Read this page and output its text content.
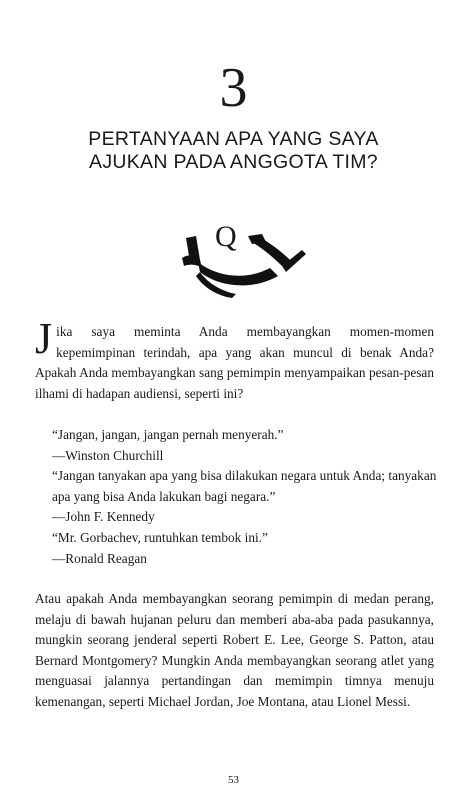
3
PERTANYAAN APA YANG SAYA
AJUKAN PADA ANGGOTA TIM?
Q
Jika saya meminta Anda membayangkan momen-momen kepemimpinan terindah, apa yang akan muncul di benak Anda? Apakah Anda membayangkan sang pemimpin menyampaikan pesan-pesan ilhami di hadapan audiensi, seperti ini?
“Jangan, jangan, jangan pernah menyerah.”
—Winston Churchill
“Jangan tanyakan apa yang bisa dilakukan negara untuk Anda; tanyakan apa yang bisa Anda lakukan bagi negara.”
—John F. Kennedy
“Mr. Gorbachev, runtuhkan tembok ini.”
—Ronald Reagan
Atau apakah Anda membayangkan seorang pemimpin di medan perang, melaju di bawah hujanan peluru dan memberi aba-aba pada pasukannya, mungkin seorang jenderal seperti Robert E. Lee, George S. Patton, atau Bernard Montgomery? Mungkin Anda membayangkan seorang atlet yang menguasai jalannya pertandingan dan memimpin timnya menuju kemenangan, seperti Michael Jordan, Joe Montana, atau Lionel Messi.
53
